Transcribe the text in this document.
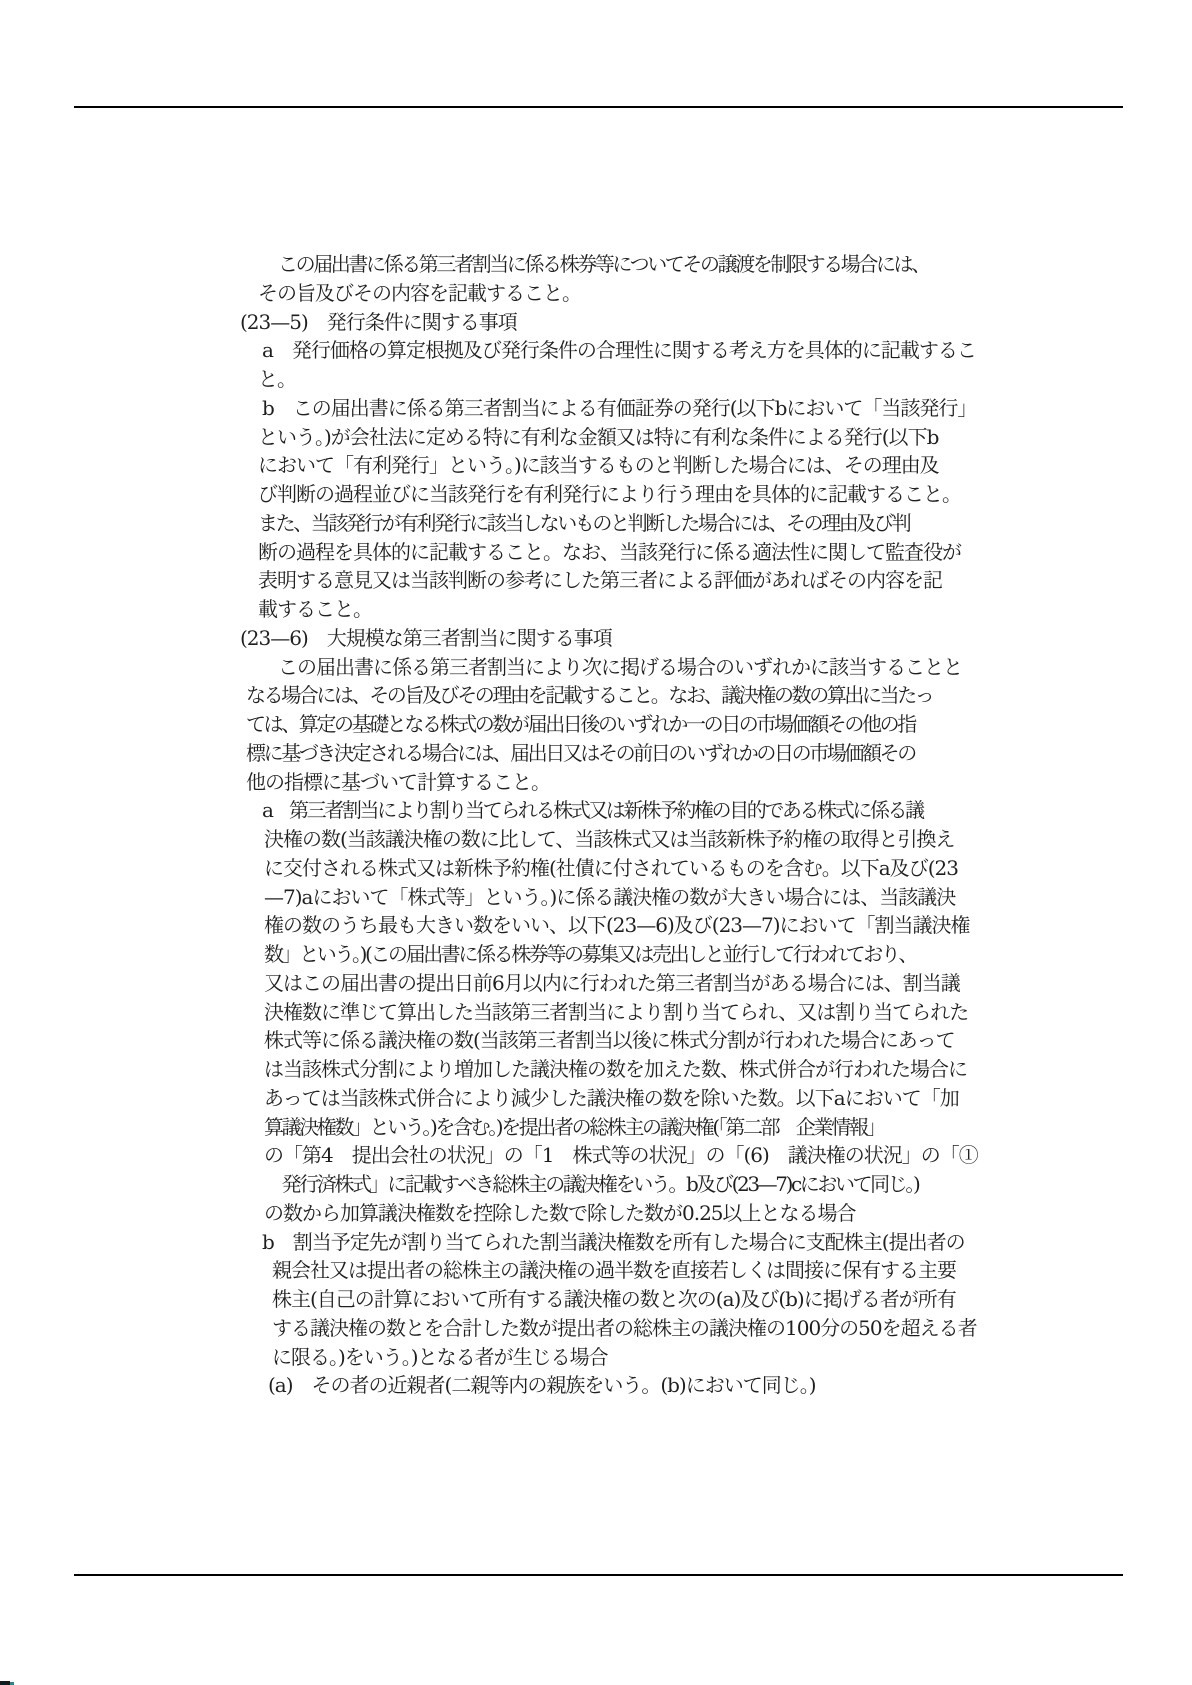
この届出書に係る第三者割当に係る株券等についてその譲渡を制限する場合には、
その旨及びその内容を記載すること。
(23—5)　発行条件に関する事項
a　発行価格の算定根拠及び発行条件の合理性に関する考え方を具体的に記載するこ
と。
b　この届出書に係る第三者割当による有価証券の発行(以下bにおいて「当該発行」
という。)が会社法に定める特に有利な金額又は特に有利な条件による発行(以下b
において「有利発行」という。)に該当するものと判断した場合には、その理由及
び判断の過程並びに当該発行を有利発行により行う理由を具体的に記載すること。
また、当該発行が有利発行に該当しないものと判断した場合には、その理由及び判
断の過程を具体的に記載すること。なお、当該発行に係る適法性に関して監査役が
表明する意見又は当該判断の参考にした第三者による評価があればその内容を記
載すること。
(23—6)　大規模な第三者割当に関する事項
この届出書に係る第三者割当により次に掲げる場合のいずれかに該当することと
なる場合には、その旨及びその理由を記載すること。なお、議決権の数の算出に当たっ
ては、算定の基礎となる株式の数が届出日後のいずれか一の日の市場価額その他の指
標に基づき決定される場合には、届出日又はその前日のいずれかの日の市場価額その
他の指標に基づいて計算すること。
a　第三者割当により割り当てられる株式又は新株予約権の目的である株式に係る議
決権の数(当該議決権の数に比して、当該株式又は当該新株予約権の取得と引換え
に交付される株式又は新株予約権(社債に付されているものを含む。以下a及び(23
—7)aにおいて「株式等」という。)に係る議決権の数が大きい場合には、当該議決
権の数のうち最も大きい数をいい、以下(23—6)及び(23—7)において「割当議決権
数」という。)(この届出書に係る株券等の募集又は売出しと並行して行われており、
又はこの届出書の提出日前6月以内に行われた第三者割当がある場合には、割当議
決権数に準じて算出した当該第三者割当により割り当てられ、又は割り当てられた
株式等に係る議決権の数(当該第三者割当以後に株式分割が行われた場合にあって
は当該株式分割により増加した議決権の数を加えた数、株式併合が行われた場合に
あっては当該株式併合により減少した議決権の数を除いた数。以下aにおいて「加
算議決権数」という。)を含む。)を提出者の総株主の議決権(「第二部　企業情報」
の「第4　提出会社の状況」の「1　株式等の状況」の「(6)　議決権の状況」の「①
　発行済株式」に記載すべき総株主の議決権をいう。b及び(23—7)cにおいて同じ。)
の数から加算議決権数を控除した数で除した数が0.25以上となる場合
b　割当予定先が割り当てられた割当議決権数を所有した場合に支配株主(提出者の
親会社又は提出者の総株主の議決権の過半数を直接若しくは間接に保有する主要
株主(自己の計算において所有する議決権の数と次の(a)及び(b)に掲げる者が所有
する議決権の数とを合計した数が提出者の総株主の議決権の100分の50を超える者
に限る。)をいう。)となる者が生じる場合
(a)　その者の近親者(二親等内の親族をいう。(b)において同じ。)
